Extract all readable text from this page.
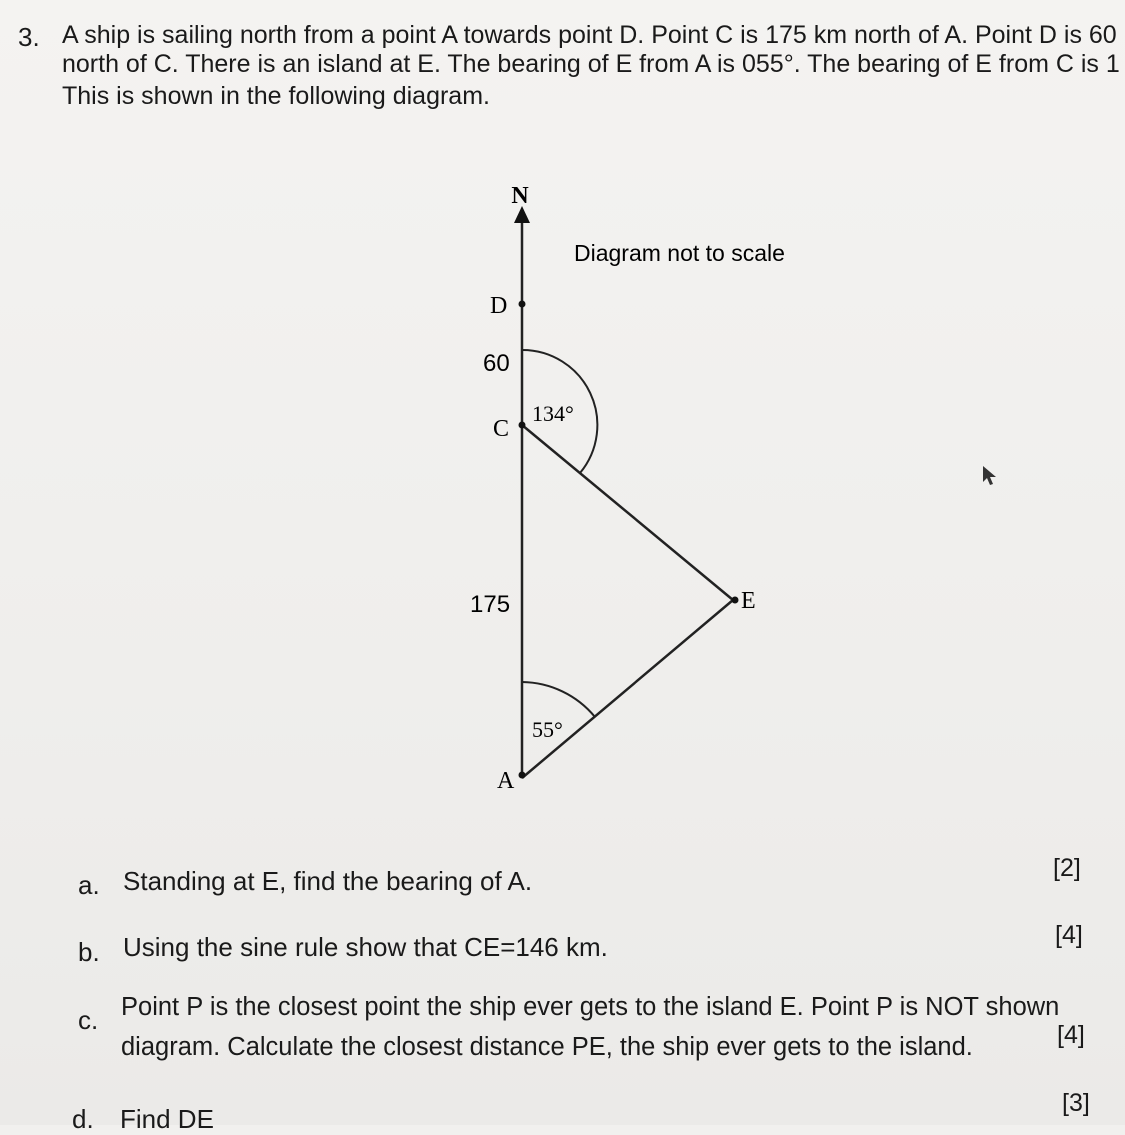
3. A ship is sailing north from a point A towards point D. Point C is 175 km north of A. Point D is 60
north of C. There is an island at E. The bearing of E from A is 055°. The bearing of E from C is 1
This is shown in the following diagram.
N
D
C
A
E
60
175
134°
55°
Diagram not to scale
a. Standing at E, find the bearing of A.	[2]
b. Using the sine rule show that CE=146 km.	[4]
c. Point P is the closest point the ship ever gets to the island E. Point P is NOT shown
diagram. Calculate the closest distance PE, the ship ever gets to the island.	[4]
d. Find DE
[3]
